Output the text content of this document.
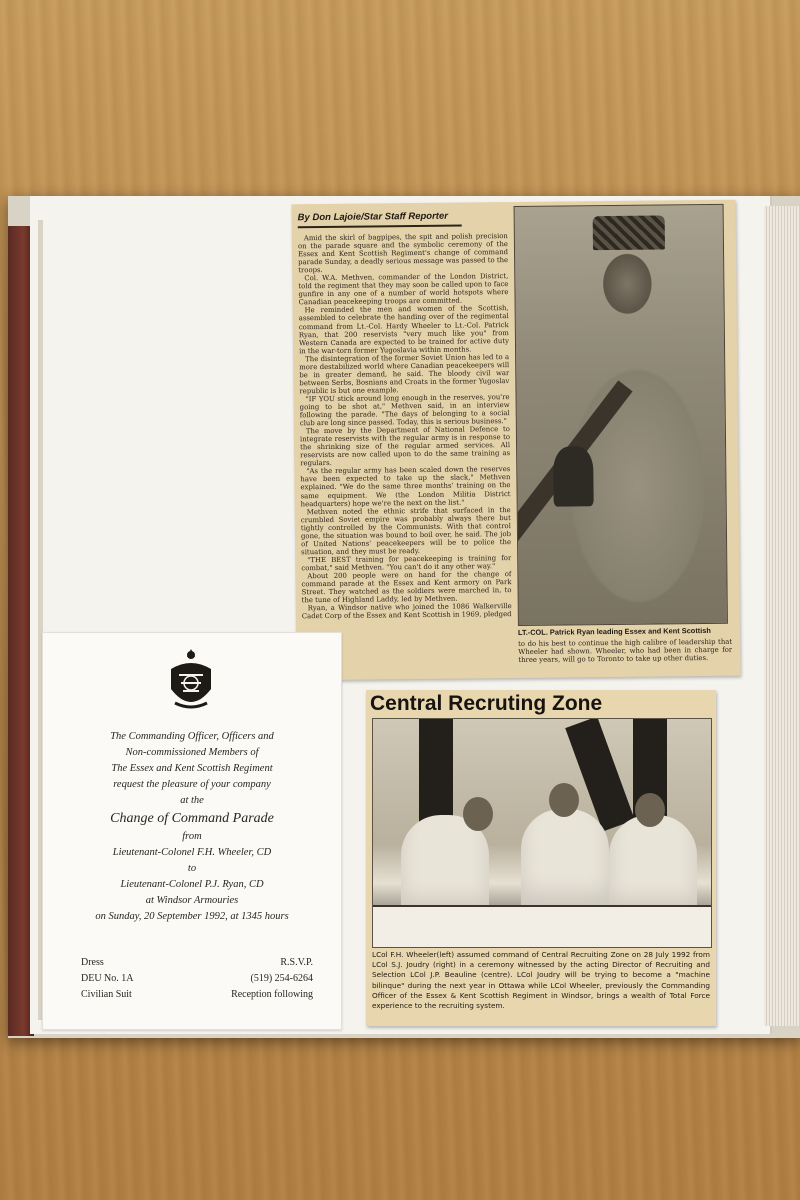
By Don Lajoie/Star Staff Reporter

Amid the skirl of bagpipes, the spit and polish precision on the parade square and the symbolic ceremony of the Essex and Kent Scottish Regiment's change of command parade Sunday, a deadly serious message was passed to the troops.

Col. W.A. Methven, commander of the London District, told the regiment that they may soon be called upon to face gunfire in any one of a number of world hotspots where Canadian peacekeeping troops are committed.

He reminded the men and women of the Scottish, assembled to celebrate the handing over of the regimental command from Lt.-Col. Hardy Wheeler to Lt.-Col. Patrick Ryan, that 200 reservists "very much like you" from Western Canada are expected to be trained for active duty in the war-torn former Yugoslavia within months.

The disintegration of the former Soviet Union has led to a more destabilized world where Canadian peacekeepers will be in greater demand, he said. The bloody civil war between Serbs, Bosnians and Croats in the former Yugoslav republic is but one example.

"IF YOU stick around long enough in the reserves, you're going to be shot at," Methven said, in an interview following the parade. "The days of belonging to a social club are long since passed. Today, this is serious business."

The move by the Department of National Defence to integrate reservists with the regular army is in response to the shrinking size of the regular armed services. All reservists are now called upon to do the same training as regulars.

"As the regular army has been scaled down the reserves have been expected to take up the slack," Methven explained. "We do the same three months' training on the same equipment. We (the London Militia District headquarters) hope we're the next on the list."

Methven noted the ethnic strife that surfaced in the crumbled Soviet empire was probably always there but tightly controlled by the Communists. With that control gone, the situation was bound to boil over, he said. The job of United Nations' peacekeepers will be to police the situation, and they must be ready.

"THE BEST training for peacekeeping is training for combat," said Methven. "You can't do it any other way."

About 200 people were on hand for the change of command parade at the Essex and Kent armory on Park Street. They watched as the soldiers were marched in, to the tune of Highland Laddy, led by Methven.

Ryan, a Windsor native who joined the 1086 Walkerville Cadet Corp of the Essex and Kent Scottish in 1969, pledged

LT.-COL. Patrick Ryan leading Essex and Kent Scottish
to do his best to continue the high calibre of leadership that Wheeler had shown. Wheeler, who had been in charge for three years, will go to Toronto to take up other duties.
The Commanding Officer, Officers and
Non-commissioned Members of
The Essex and Kent Scottish Regiment
request the pleasure of your company
at the
Change of Command Parade
from
Lieutenant-Colonel F.H. Wheeler, CD
to
Lieutenant-Colonel P.J. Ryan, CD
at Windsor Armouries
on Sunday, 20 September 1992, at 1345 hours
Dress
DEU No. 1A
Civilian Suit
R.S.V.P.
(519) 254-6264
Reception following
Central Recruting Zone
LCol F.H. Wheeler(left) assumed command of Central Recruiting Zone on 28 July 1992 from LCol S.J. Joudry (right) in a ceremony witnessed by the acting Director of Recruiting and Selection LCol J.P. Beauline (centre). LCol Joudry will be trying to become a "machine bilinque" during the next year in Ottawa while LCol Wheeler, previously the Commanding Officer of the Essex & Kent Scottish Regiment in Windsor, brings a wealth of Total Force experience to the recruiting system.
